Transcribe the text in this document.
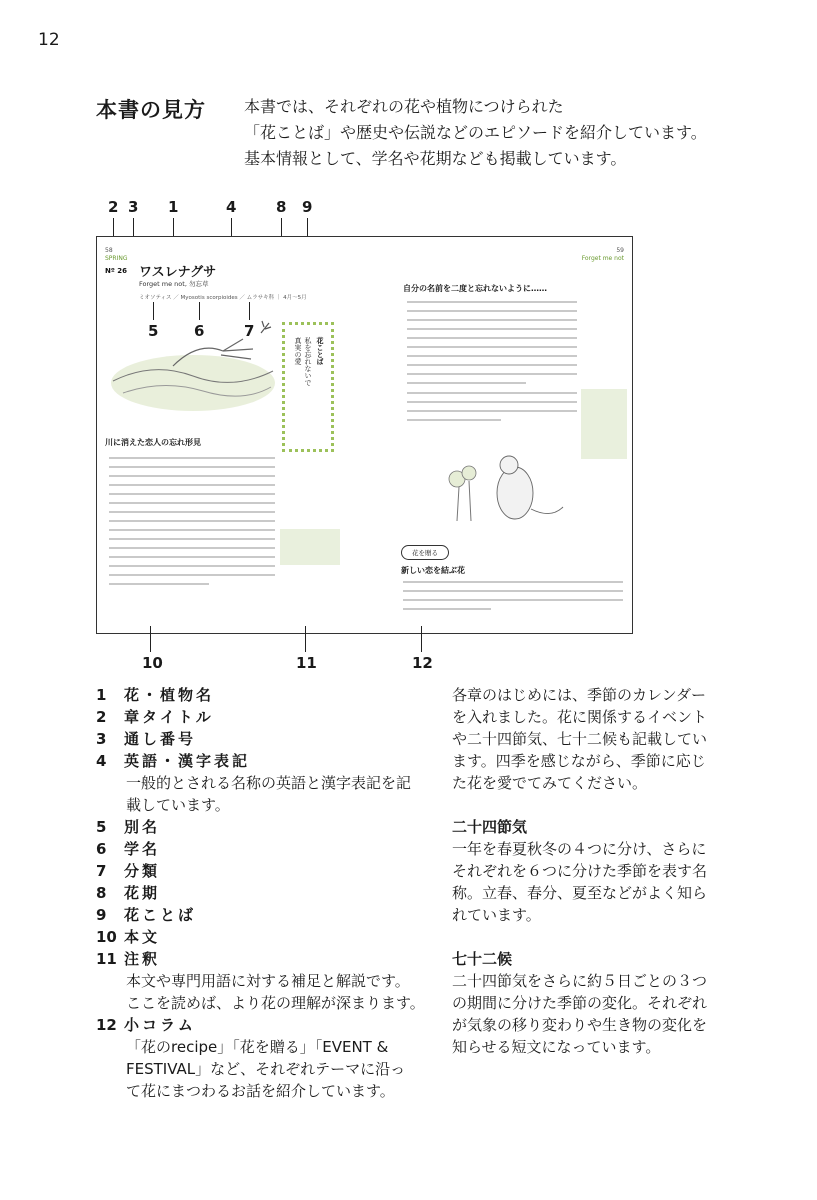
12
本書の見方 本書では、それぞれの花や植物につけられた
「花ことば」や歴史や伝説などのエピソードを紹介しています。
基本情報として、学名や花期なども掲載しています。
2 3 1	4	8 9
58
SPRING
Nº 26 ワスレナグサ
Forget me not, 勿忘草
ミオソティス ／ Myosotis scorpioides ／ ムラサキ科 ｜ 4月〜5月
花ことば
私を忘れないで
真実の愛
川に消えた恋人の忘れ形見
59
Forget me not
自分の名前を二度と忘れないように……
花を贈る
新しい恋を結ぶ花
10	11	12
5 6	7
1 花・植物名
2 章タイトル
3 通し番号
4 英語・漢字表記
一般的とされる名称の英語と漢字表記を記
載しています。
5 別名
6 学名
7 分類
8 花期
9 花ことば
10 本文
11 注釈
本文や専門用語に対する補足と解説です。
ここを読めば、より花の理解が深まります。
12 小コラム
「花のrecipe」「花を贈る」「EVENT &
FESTIVAL」など、それぞれテーマに沿っ
て花にまつわるお話を紹介しています。
各章のはじめには、季節のカレンダー
を入れました。花に関係するイベント
や二十四節気、七十二候も記載してい
ます。四季を感じながら、季節に応じ
た花を愛でてみてください。
二十四節気
一年を春夏秋冬の４つに分け、さらに
それぞれを６つに分けた季節を表す名
称。立春、春分、夏至などがよく知ら
れています。
七十二候
二十四節気をさらに約５日ごとの３つ
の期間に分けた季節の変化。それぞれ
が気象の移り変わりや生き物の変化を
知らせる短文になっています。
